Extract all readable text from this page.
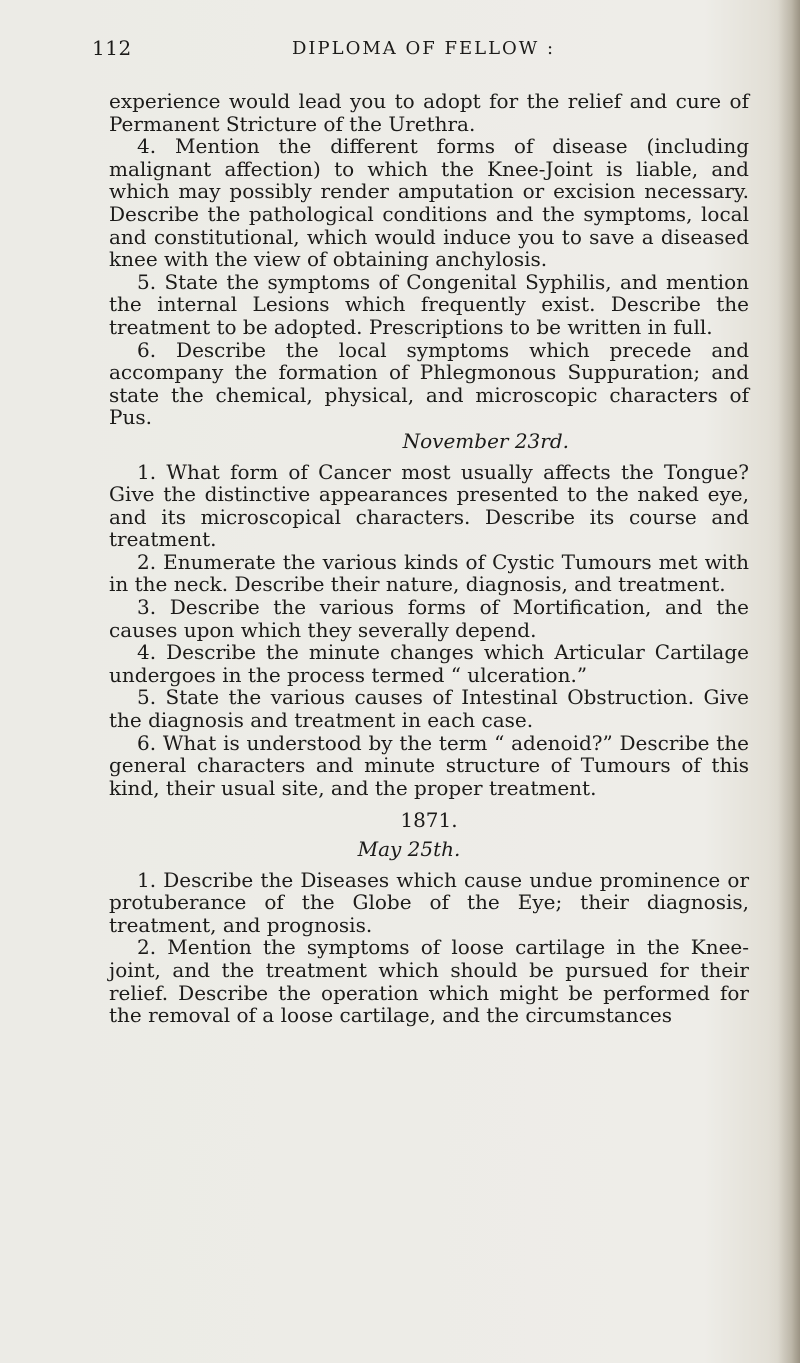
112	DIPLOMA OF FELLOW :

experience would lead you to adopt for the relief and cure of Permanent Stricture of the Urethra.

4. Mention the different forms of disease (including malignant affection) to which the Knee-Joint is liable, and which may possibly render amputation or excision necessary. Describe the pathological conditions and the symptoms, local and constitutional, which would induce you to save a diseased knee with the view of obtaining anchylosis.

5. State the symptoms of Congenital Syphilis, and mention the internal Lesions which frequently exist. Describe the treatment to be adopted. Prescriptions to be written in full.

6. Describe the local symptoms which precede and accompany the formation of Phlegmonous Suppuration; and state the chemical, physical, and microscopic characters of Pus.

November 23rd.

1. What form of Cancer most usually affects the Tongue? Give the distinctive appearances presented to the naked eye, and its microscopical characters. Describe its course and treatment.

2. Enumerate the various kinds of Cystic Tumours met with in the neck. Describe their nature, diagnosis, and treatment.

3. Describe the various forms of Mortification, and the causes upon which they severally depend.

4. Describe the minute changes which Articular Cartilage undergoes in the process termed “ ulceration.”

5. State the various causes of Intestinal Obstruction. Give the diagnosis and treatment in each case.

6. What is understood by the term “ adenoid?” Describe the general characters and minute structure of Tumours of this kind, their usual site, and the proper treatment.

1871.

May 25th.

1. Describe the Diseases which cause undue prominence or protuberance of the Globe of the Eye; their diagnosis, treatment, and prognosis.

2. Mention the symptoms of loose cartilage in the Knee-joint, and the treatment which should be pursued for their relief. Describe the operation which might be performed for the removal of a loose cartilage, and the circumstances
